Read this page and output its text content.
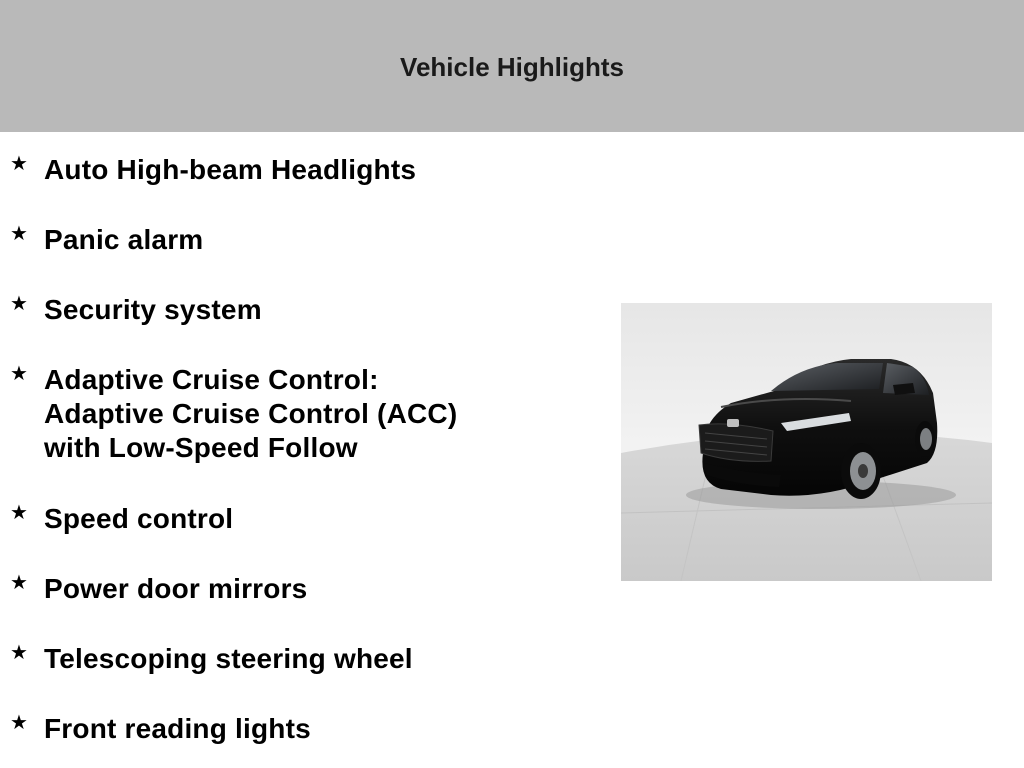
Vehicle Highlights
★ Auto High-beam Headlights
★ Panic alarm
★ Security system
★ Adaptive Cruise Control:
Adaptive Cruise Control (ACC)
with Low-Speed Follow
★ Speed control
★ Power door mirrors
★ Telescoping steering wheel
★ Front reading lights
